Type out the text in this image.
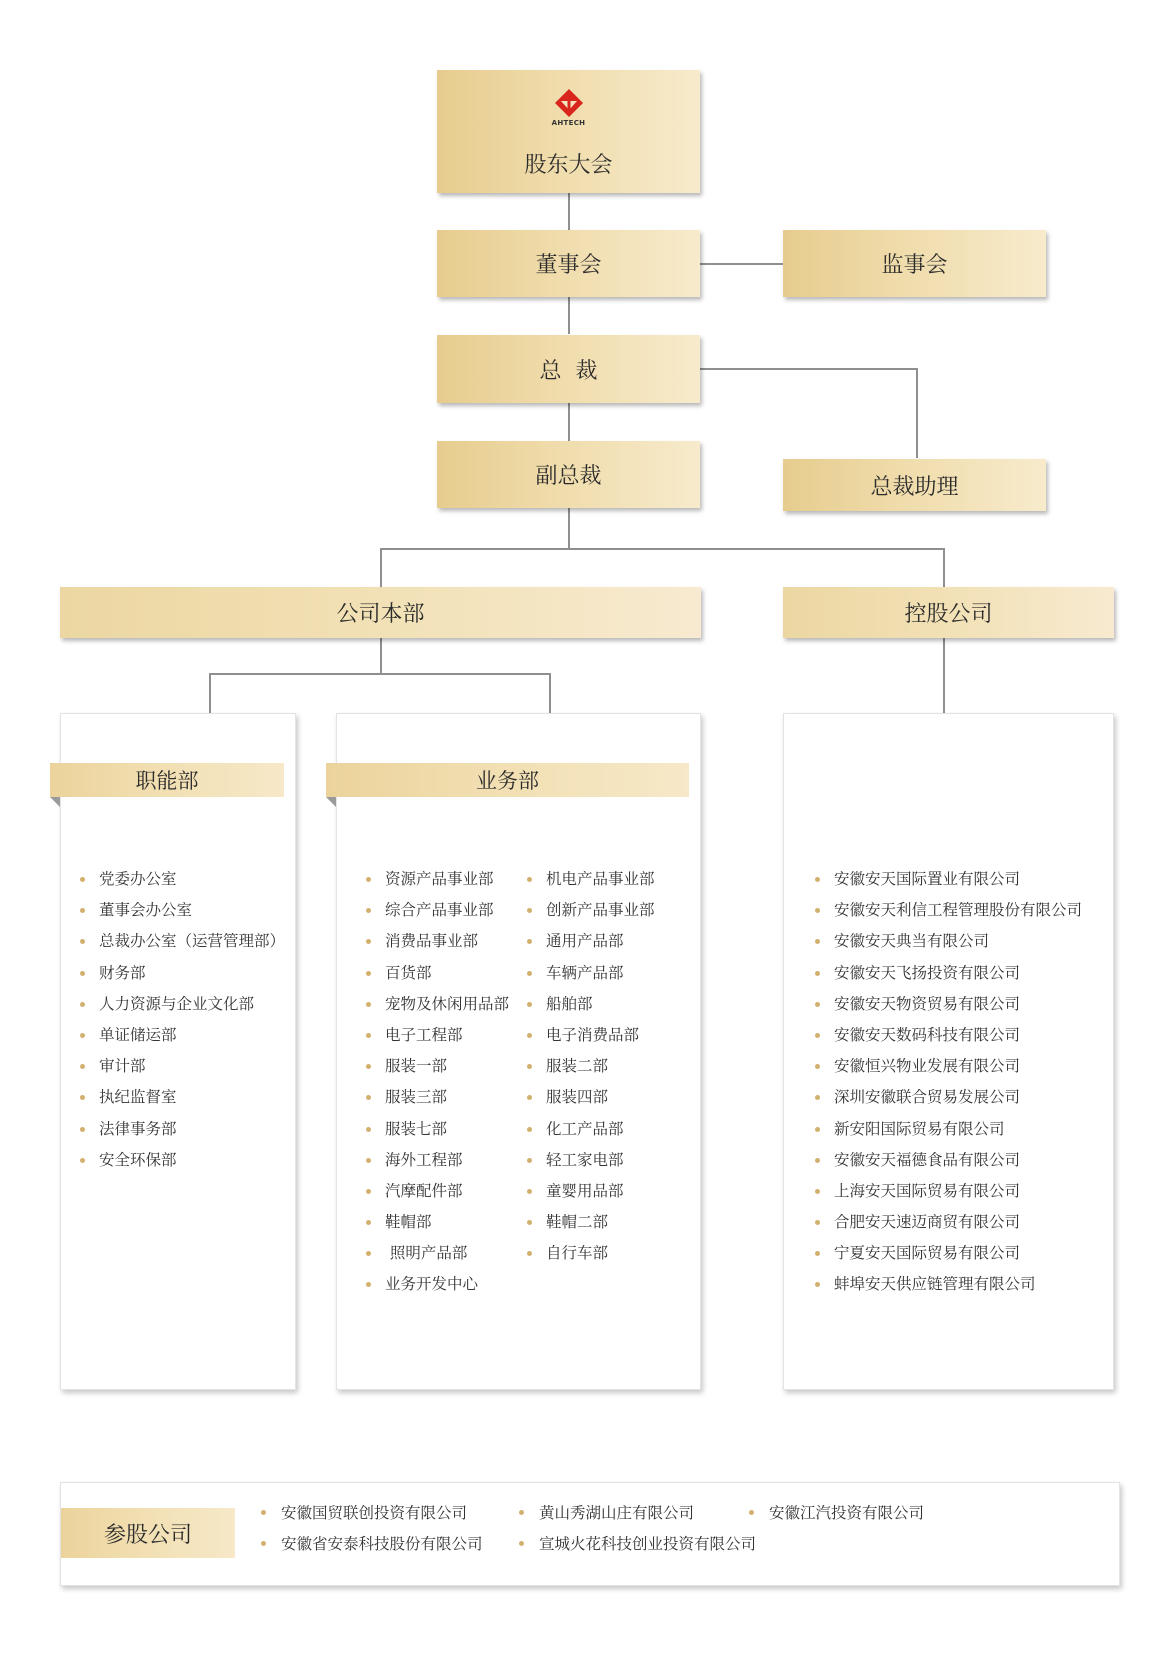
AHTECH
股东大会
董事会	监事会
总  裁
副总裁	总裁助理
公司本部	控股公司
党委办公室
董事会办公室
总裁办公室（运营管理部）
财务部
人力资源与企业文化部
单证储运部
审计部
执纪监督室
法律事务部
安全环保部
职能部
资源产品事业部
综合产品事业部
消费品事业部
百货部
宠物及休闲用品部
电子工程部
服装一部
服装三部
服装七部
海外工程部
汽摩配件部
鞋帽部
照明产品部
业务开发中心
机电产品事业部
创新产品事业部
通用产品部
车辆产品部
船舶部
电子消费品部
服装二部
服装四部
化工产品部
轻工家电部
童婴用品部
鞋帽二部
自行车部
业务部
安徽安天国际置业有限公司
安徽安天利信工程管理股份有限公司
安徽安天典当有限公司
安徽安天飞扬投资有限公司
安徽安天物资贸易有限公司
安徽安天数码科技有限公司
安徽恒兴物业发展有限公司
深圳安徽联合贸易发展公司
新安阳国际贸易有限公司
安徽安天福德食品有限公司
上海安天国际贸易有限公司
合肥安天速迈商贸有限公司
宁夏安天国际贸易有限公司
蚌埠安天供应链管理有限公司
参股公司
安徽国贸联创投资有限公司	黄山秀湖山庄有限公司	安徽江汽投资有限公司
安徽省安泰科技股份有限公司	宣城火花科技创业投资有限公司
